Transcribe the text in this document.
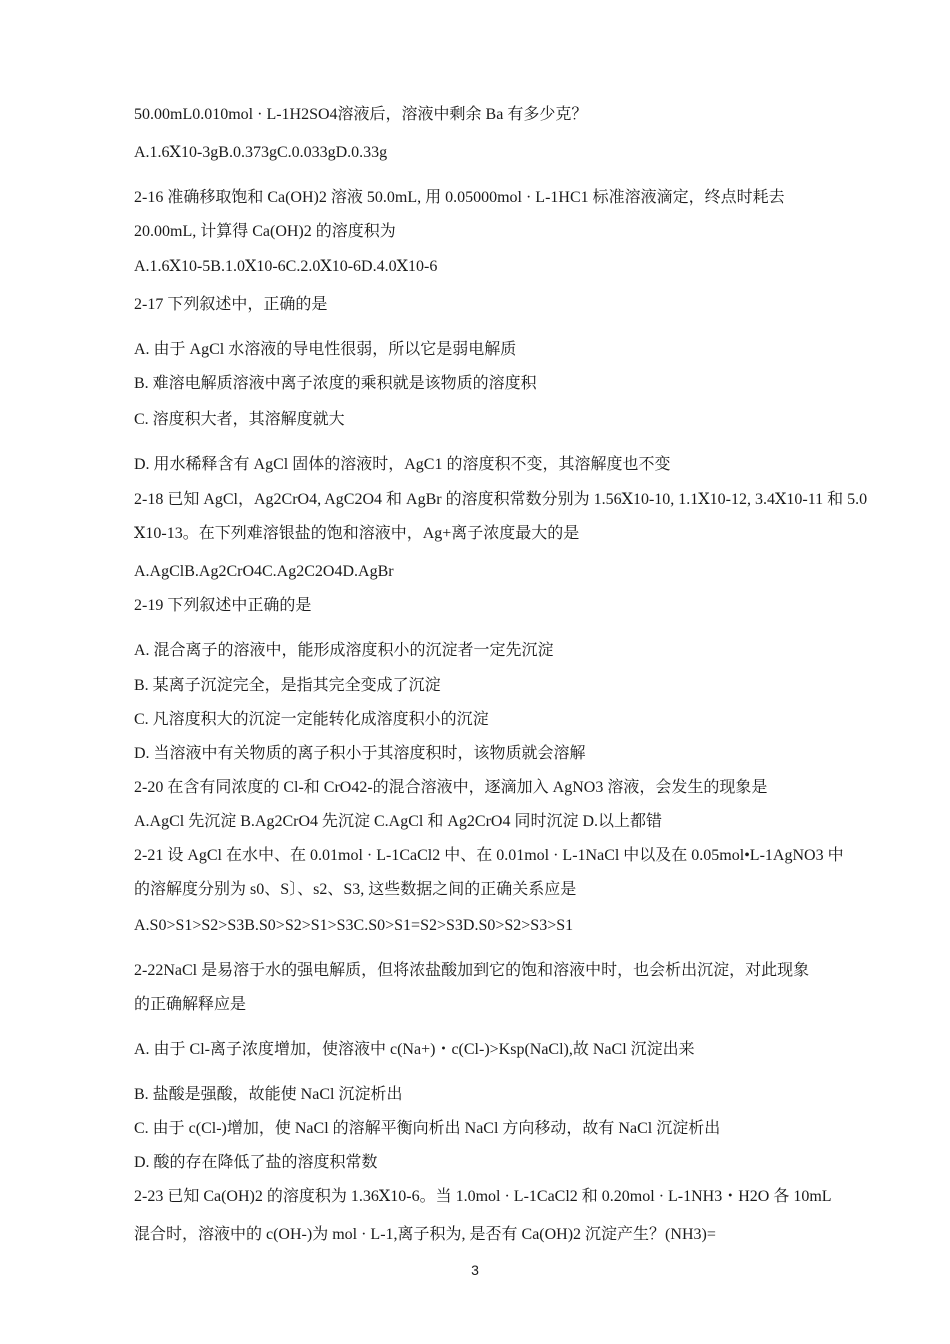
50.00mL0.010mol · L-1H2SO4溶液后，溶液中剩余 Ba 有多少克？
A.1.6Ⅹ10-3gB.0.373gC.0.033gD.0.33g
2-16 准确移取饱和 Ca(OH)2 溶液 50.0mL, 用 0.05000mol · L-1HC1 标准溶液滴定，终点时耗去
20.00mL, 计算得 Ca(OH)2 的溶度积为
A.1.6Ⅹ10-5B.1.0Ⅹ10-6C.2.0Ⅹ10-6D.4.0Ⅹ10-6
2-17 下列叙述中，正确的是
A. 由于 AgCl 水溶液的导电性很弱，所以它是弱电解质
B. 难溶电解质溶液中离子浓度的乘积就是该物质的溶度积
C. 溶度积大者，其溶解度就大
D. 用水稀释含有 AgCl 固体的溶液时，AgC1 的溶度积不变，其溶解度也不变
2-18 已知 AgCl，Ag2CrO4, AgC2O4 和 AgBr 的溶度积常数分别为 1.56Ⅹ10-10, 1.1Ⅹ10-12, 3.4Ⅹ10-11 和 5.0
Ⅹ10-13。在下列难溶银盐的饱和溶液中，Ag+离子浓度最大的是
A.AgClB.Ag2CrO4C.Ag2C2O4D.AgBr
2-19 下列叙述中正确的是
A. 混合离子的溶液中，能形成溶度积小的沉淀者一定先沉淀
B. 某离子沉淀完全，是指其完全变成了沉淀
C. 凡溶度积大的沉淀一定能转化成溶度积小的沉淀
D. 当溶液中有关物质的离子积小于其溶度积时，该物质就会溶解
2-20 在含有同浓度的 Cl-和 CrO42-的混合溶液中，逐滴加入 AgNO3 溶液，会发生的现象是
A.AgCl 先沉淀 B.Ag2CrO4 先沉淀 C.AgCl 和 Ag2CrO4 同时沉淀 D.以上都错
2-21 设 AgCl 在水中、在 0.01mol · L-1CaCl2 中、在 0.01mol · L-1NaCl 中以及在 0.05mol•L-1AgNO3 中
的溶解度分别为 s0、S〕、s2、S3, 这些数据之间的正确关系应是
A.S0>S1>S2>S3B.S0>S2>S1>S3C.S0>S1=S2>S3D.S0>S2>S3>S1
2-22NaCl 是易溶于水的强电解质，但将浓盐酸加到它的饱和溶液中时，也会析出沉淀，对此现象
的正确解释应是
A. 由于 Cl-离子浓度增加，使溶液中 c(Na+)・c(Cl-)>Ksp(NaCl),故 NaCl 沉淀出来
B. 盐酸是强酸，故能使 NaCl 沉淀析出
C. 由于 c(Cl-)增加，使 NaCl 的溶解平衡向析出 NaCl 方向移动，故有 NaCl 沉淀析出
D. 酸的存在降低了盐的溶度积常数
2-23 已知 Ca(OH)2 的溶度积为 1.36Ⅹ10-6。当 1.0mol · L-1CaCl2 和 0.20mol · L-1NH3・H2O 各 10mL
混合时，溶液中的 c(OH-)为 mol · L-1,离子积为, 是否有 Ca(OH)2 沉淀产生？(NH3)=
3
